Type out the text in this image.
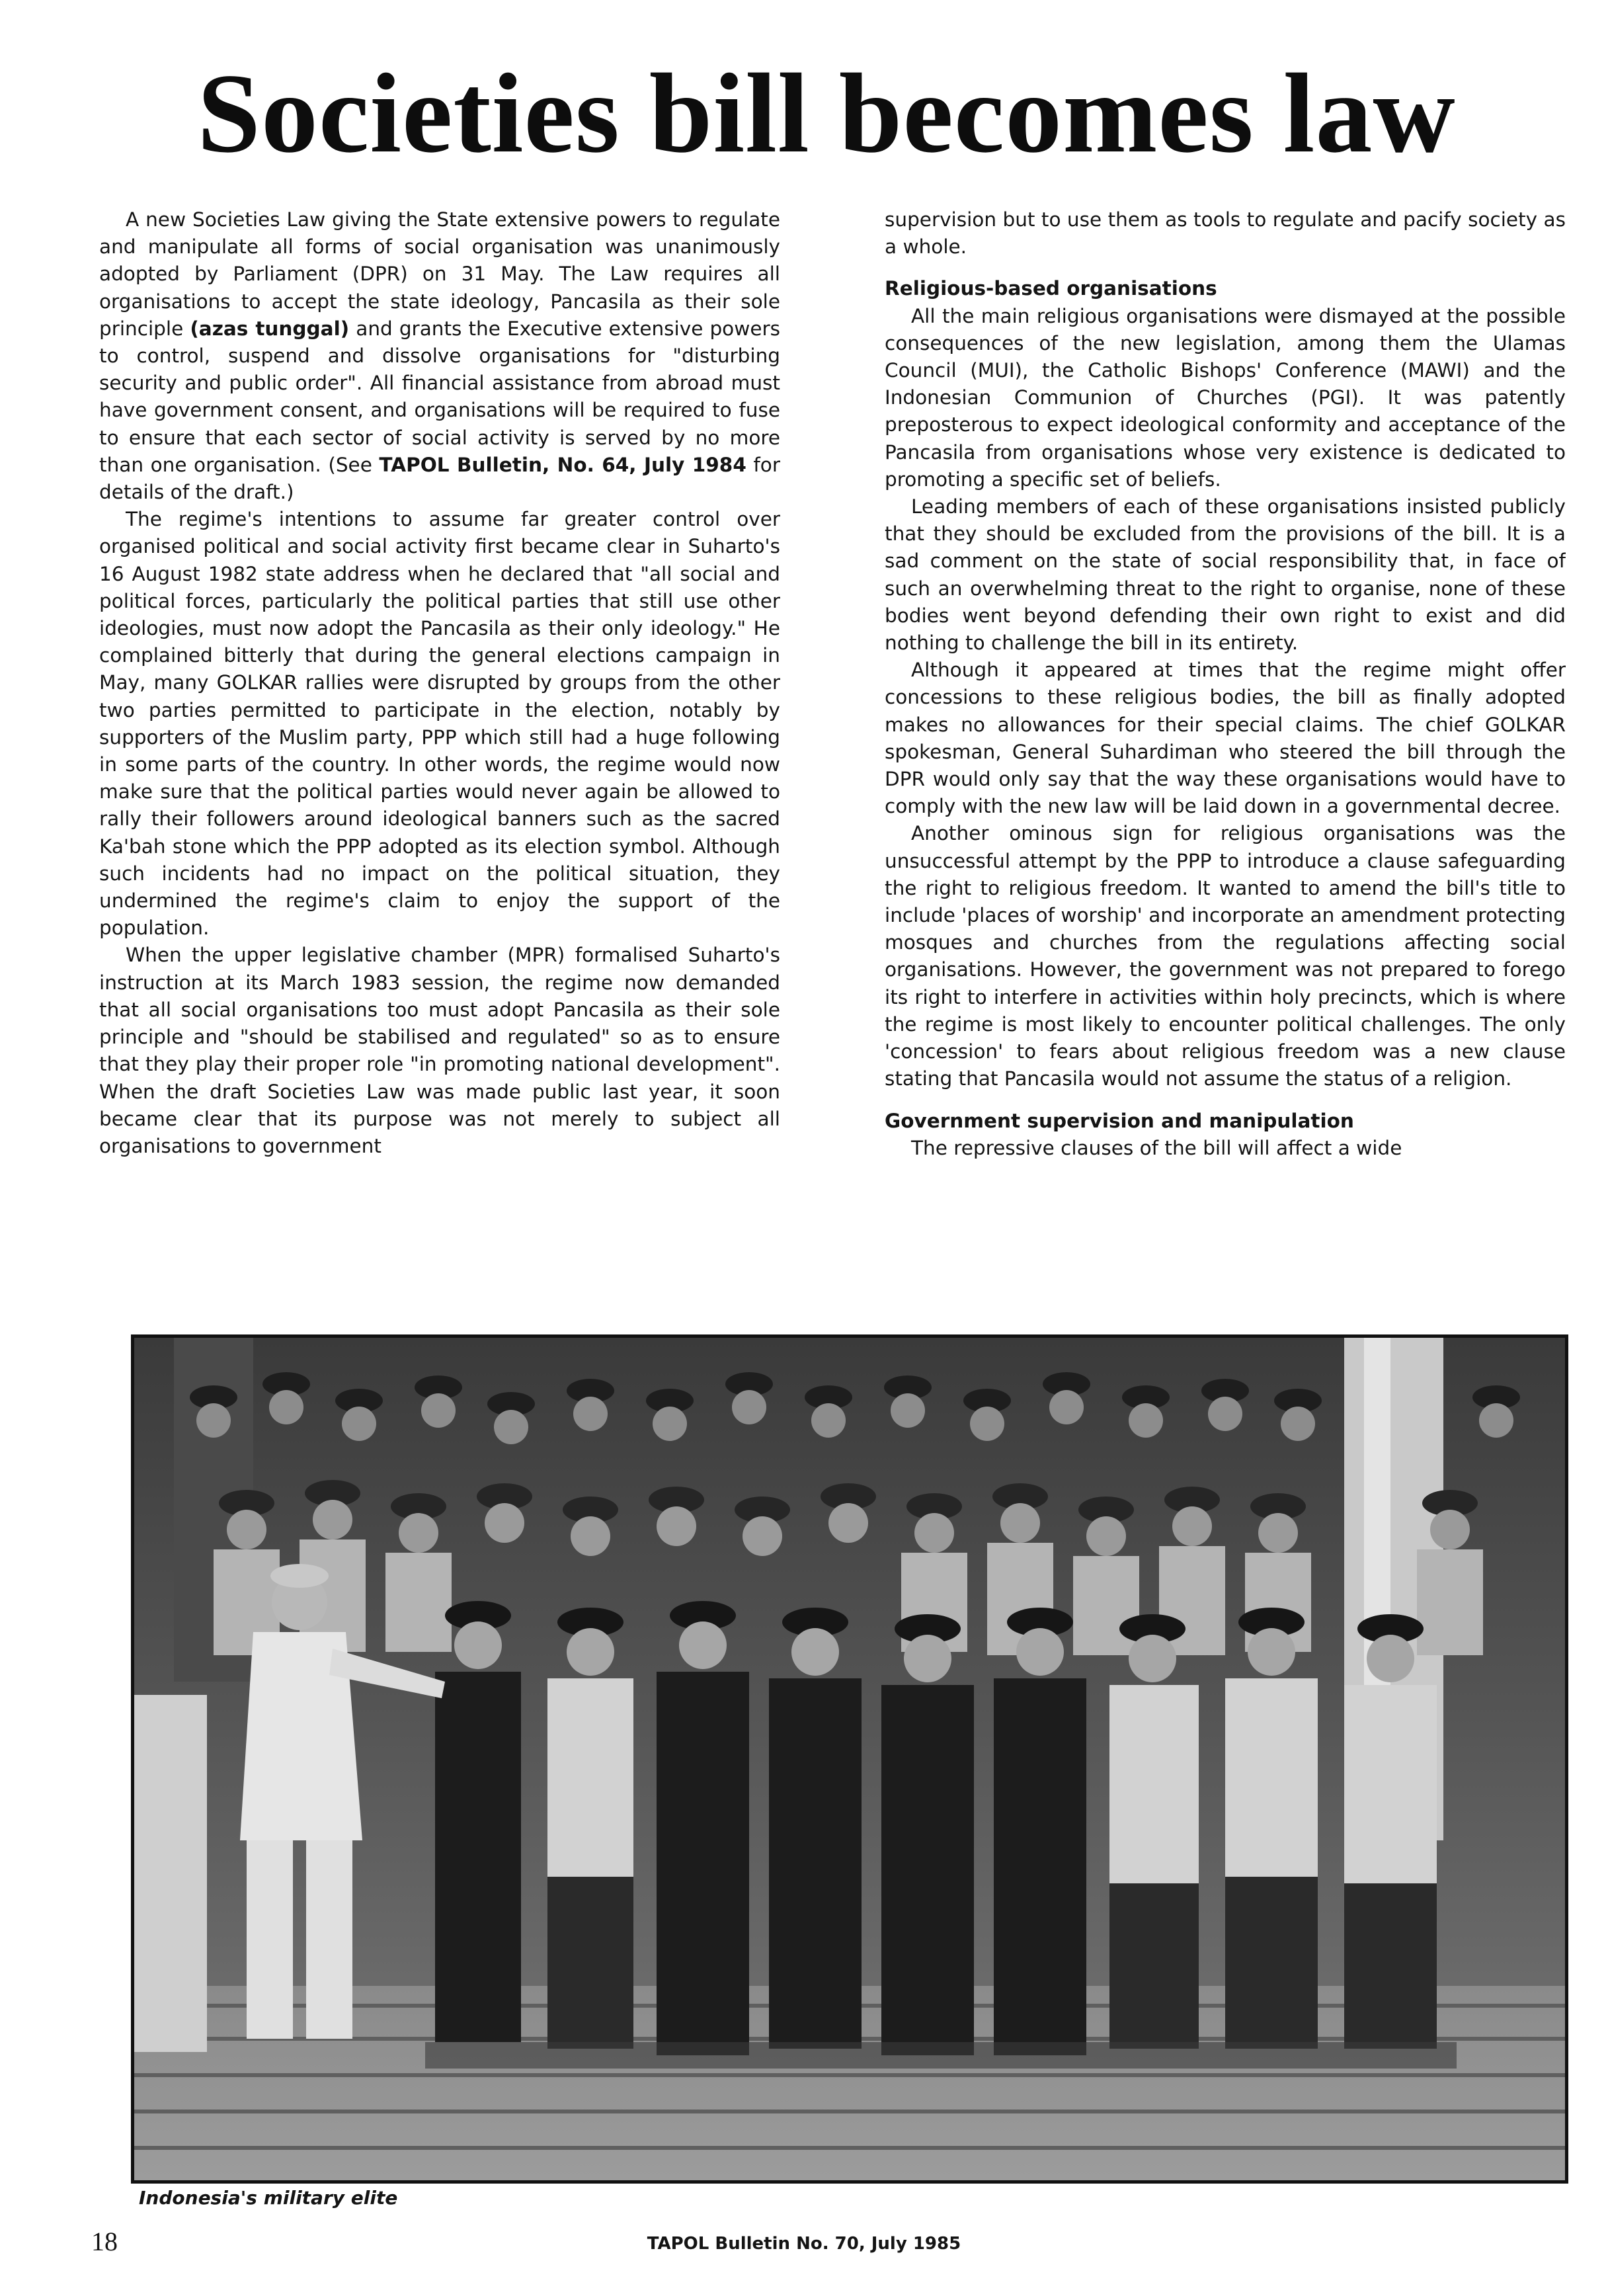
Societies bill becomes law

A new Societies Law giving the State extensive powers to regulate and manipulate all forms of social organisation was unanimously adopted by Parliament (DPR) on 31 May. The Law requires all organisations to accept the state ideology, Pancasila as their sole principle (azas tunggal) and grants the Executive extensive powers to control, suspend and dissolve organisations for "disturbing security and public order". All financial assistance from abroad must have government consent, and organisations will be required to fuse to ensure that each sector of social activity is served by no more than one organisation. (See TAPOL Bulletin, No. 64, July 1984 for details of the draft.)

The regime's intentions to assume far greater control over organised political and social activity first became clear in Suharto's 16 August 1982 state address when he declared that "all social and political forces, particularly the political parties that still use other ideologies, must now adopt the Pancasila as their only ideology." He complained bitterly that during the general elections campaign in May, many GOLKAR rallies were disrupted by groups from the other two parties permitted to participate in the election, notably by supporters of the Muslim party, PPP which still had a huge following in some parts of the country. In other words, the regime would now make sure that the political parties would never again be allowed to rally their followers around ideological banners such as the sacred Ka'bah stone which the PPP adopted as its election symbol. Although such incidents had no impact on the political situation, they undermined the regime's claim to enjoy the support of the population.

When the upper legislative chamber (MPR) formalised Suharto's instruction at its March 1983 session, the regime now demanded that all social organisations too must adopt Pancasila as their sole principle and "should be stabilised and regulated" so as to ensure that they play their proper role "in promoting national development". When the draft Societies Law was made public last year, it soon became clear that its purpose was not merely to subject all organisations to government

supervision but to use them as tools to regulate and pacify society as a whole.

Religious-based organisations

All the main religious organisations were dismayed at the possible consequences of the new legislation, among them the Ulamas Council (MUI), the Catholic Bishops' Conference (MAWI) and the Indonesian Communion of Churches (PGI). It was patently preposterous to expect ideological conformity and acceptance of the Pancasila from organisations whose very existence is dedicated to promoting a specific set of beliefs.

Leading members of each of these organisations insisted publicly that they should be excluded from the provisions of the bill. It is a sad comment on the state of social responsibility that, in face of such an overwhelming threat to the right to organise, none of these bodies went beyond defending their own right to exist and did nothing to challenge the bill in its entirety.

Although it appeared at times that the regime might offer concessions to these religious bodies, the bill as finally adopted makes no allowances for their special claims. The chief GOLKAR spokesman, General Suhardiman who steered the bill through the DPR would only say that the way these organisations would have to comply with the new law will be laid down in a governmental decree.

Another ominous sign for religious organisations was the unsuccessful attempt by the PPP to introduce a clause safeguarding the right to religious freedom. It wanted to amend the bill's title to include 'places of worship' and incorporate an amendment protecting mosques and churches from the regulations affecting social organisations. However, the government was not prepared to forego its right to interfere in activities within holy precincts, which is where the regime is most likely to encounter political challenges. The only 'concession' to fears about religious freedom was a new clause stating that Pancasila would not assume the status of a religion.

Government supervision and manipulation

The repressive clauses of the bill will affect a wide

Indonesia's military elite
18	TAPOL Bulletin No. 70, July 1985
